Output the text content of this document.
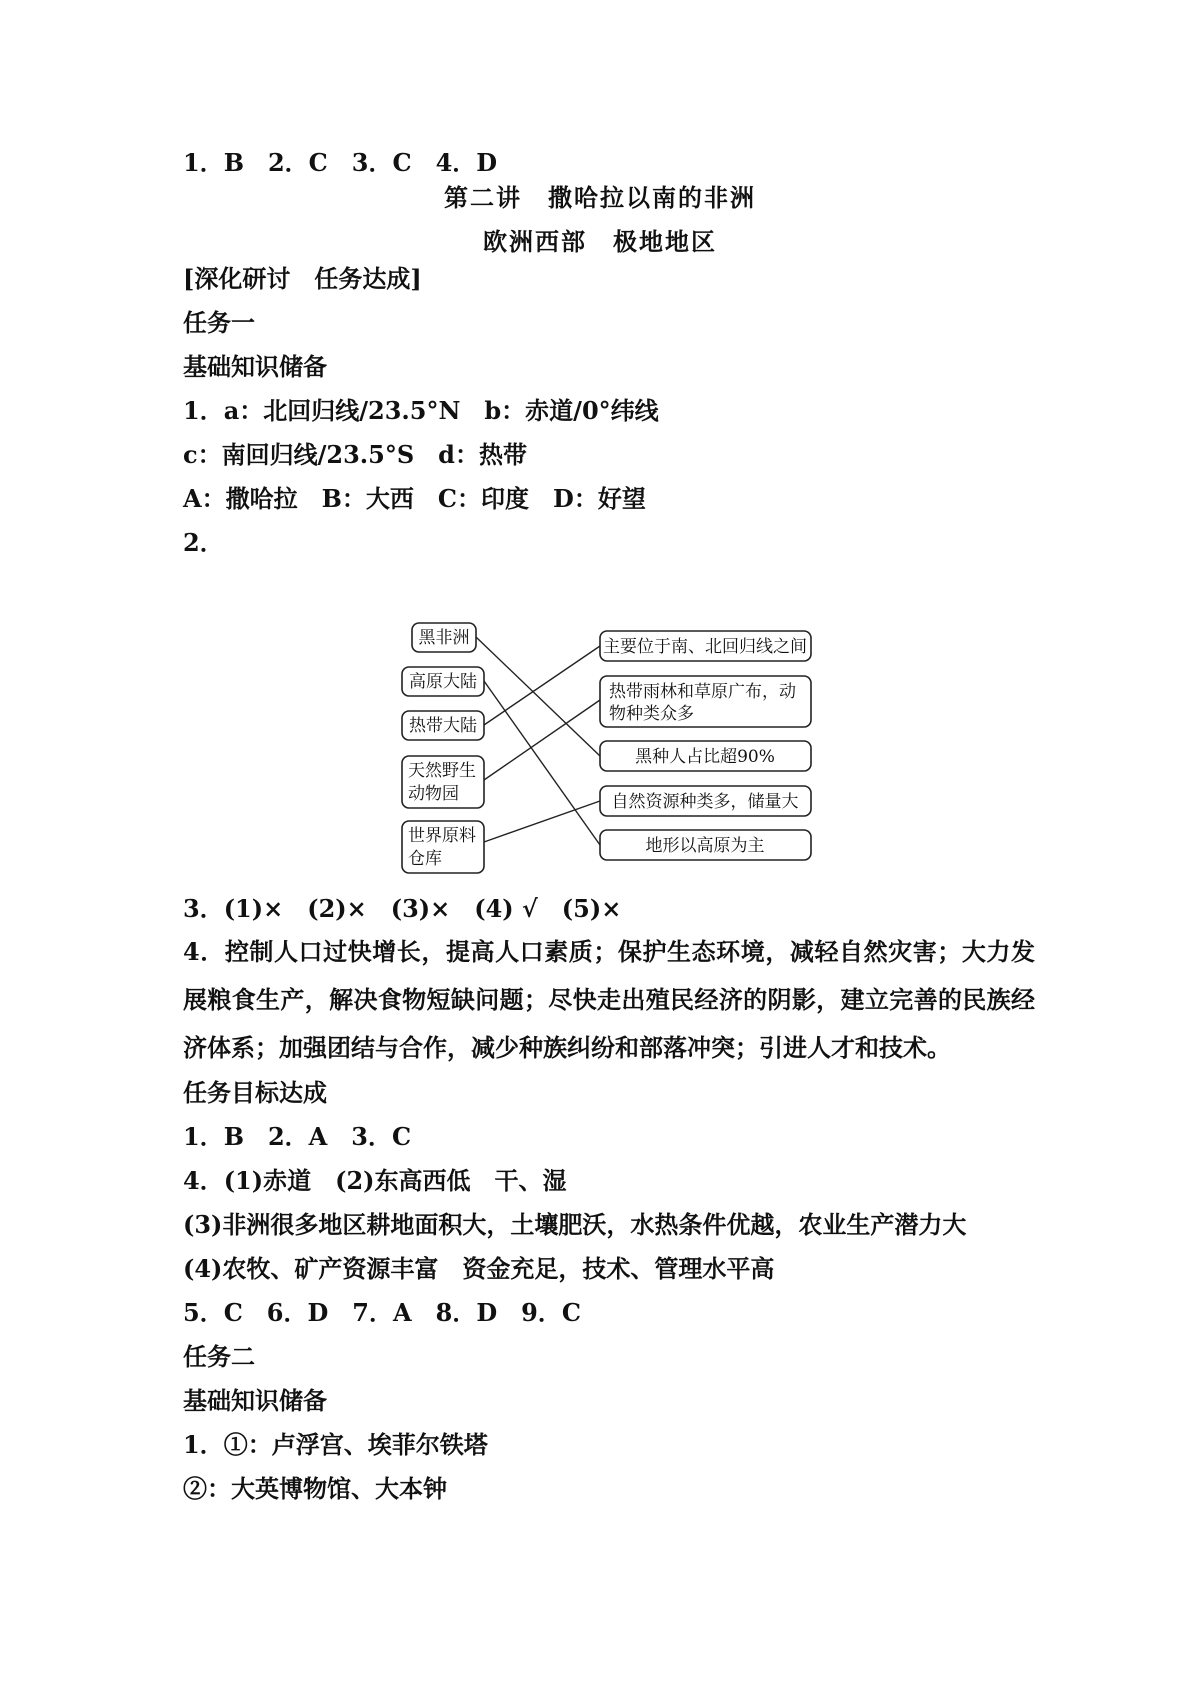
1．B　2．C　3．C　4．D
第二讲　撒哈拉以南的非洲
欧洲西部　极地地区
[深化研讨　任务达成]
任务一
基础知识储备
1．a：北回归线/23.5°N　b：赤道/0°纬线
c：南回归线/23.5°S　d：热带
A：撒哈拉　B：大西　C：印度　D：好望
2．
黑非洲
高原大陆
热带大陆
天然野生
动物园
世界原料
仓库
主要位于南、北回归线之间
热带雨林和草原广布，动
物种类众多
黑种人占比超90%
自然资源种类多，储量大
地形以高原为主
3．(1)×　(2)×　(3)×　(4) √　(5)×
4．控制人口过快增长，提高人口素质；保护生态环境，减轻自然灾害；大力发展粮食生产，解决食物短缺问题；尽快走出殖民经济的阴影，建立完善的民族经济体系；加强团结与合作，减少种族纠纷和部落冲突；引进人才和技术。
任务目标达成
1．B　2．A　3．C
4．(1)赤道　(2)东高西低　干、湿
(3)非洲很多地区耕地面积大，土壤肥沃，水热条件优越，农业生产潜力大
(4)农牧、矿产资源丰富　资金充足，技术、管理水平高
5．C　6．D　7．A　8．D　9．C
任务二
基础知识储备
1．①：卢浮宫、埃菲尔铁塔
②：大英博物馆、大本钟
